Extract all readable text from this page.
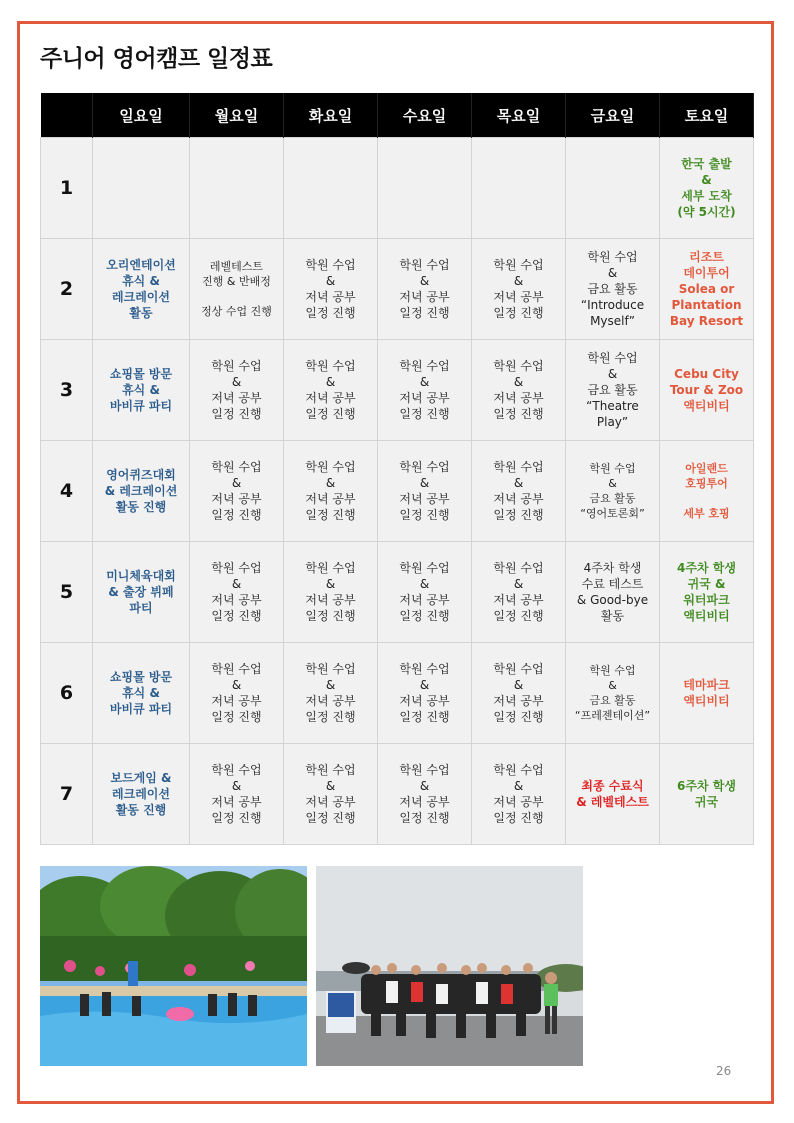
주니어 영어캠프 일정표
	일요일	월요일	화요일	수요일	목요일	금요일	토요일
1							한국 출발
&
세부 도착
(약 5시간)
2	오리엔테이션
휴식 &
레크레이션
활동	레벨테스트
진행 & 반배정

정상 수업 진행	학원 수업
&
저녁 공부
일정 진행	학원 수업
&
저녁 공부
일정 진행	학원 수업
&
저녁 공부
일정 진행	학원 수업
&
금요 활동
“Introduce
Myself”	리조트
데이투어
Solea or
Plantation
Bay Resort
3	쇼핑몰 방문
휴식 &
바비큐 파티	학원 수업
&
저녁 공부
일정 진행	학원 수업
&
저녁 공부
일정 진행	학원 수업
&
저녁 공부
일정 진행	학원 수업
&
저녁 공부
일정 진행	학원 수업
&
금요 활동
“Theatre
Play”	Cebu City
Tour & Zoo
액티비티
4	영어퀴즈대회
& 레크레이션
활동 진행	학원 수업
&
저녁 공부
일정 진행	학원 수업
&
저녁 공부
일정 진행	학원 수업
&
저녁 공부
일정 진행	학원 수업
&
저녁 공부
일정 진행	학원 수업
&
금요 활동
“영어토론회”	아일랜드
호핑투어

세부 호핑
5	미니체육대회
& 출장 뷔페
파티	학원 수업
&
저녁 공부
일정 진행	학원 수업
&
저녁 공부
일정 진행	학원 수업
&
저녁 공부
일정 진행	학원 수업
&
저녁 공부
일정 진행	4주차 학생
수료 테스트
& Good-bye
활동	4주차 학생
귀국 &
워터파크
액티비티
6	쇼핑몰 방문
휴식 &
바비큐 파티	학원 수업
&
저녁 공부
일정 진행	학원 수업
&
저녁 공부
일정 진행	학원 수업
&
저녁 공부
일정 진행	학원 수업
&
저녁 공부
일정 진행	학원 수업
&
금요 활동
“프레젠테이션”	테마파크
액티비티
7	보드게임 &
레크레이션
활동 진행	학원 수업
&
저녁 공부
일정 진행	학원 수업
&
저녁 공부
일정 진행	학원 수업
&
저녁 공부
일정 진행	학원 수업
&
저녁 공부
일정 진행	최종 수료식
& 레벨테스트	6주차 학생
귀국
26
